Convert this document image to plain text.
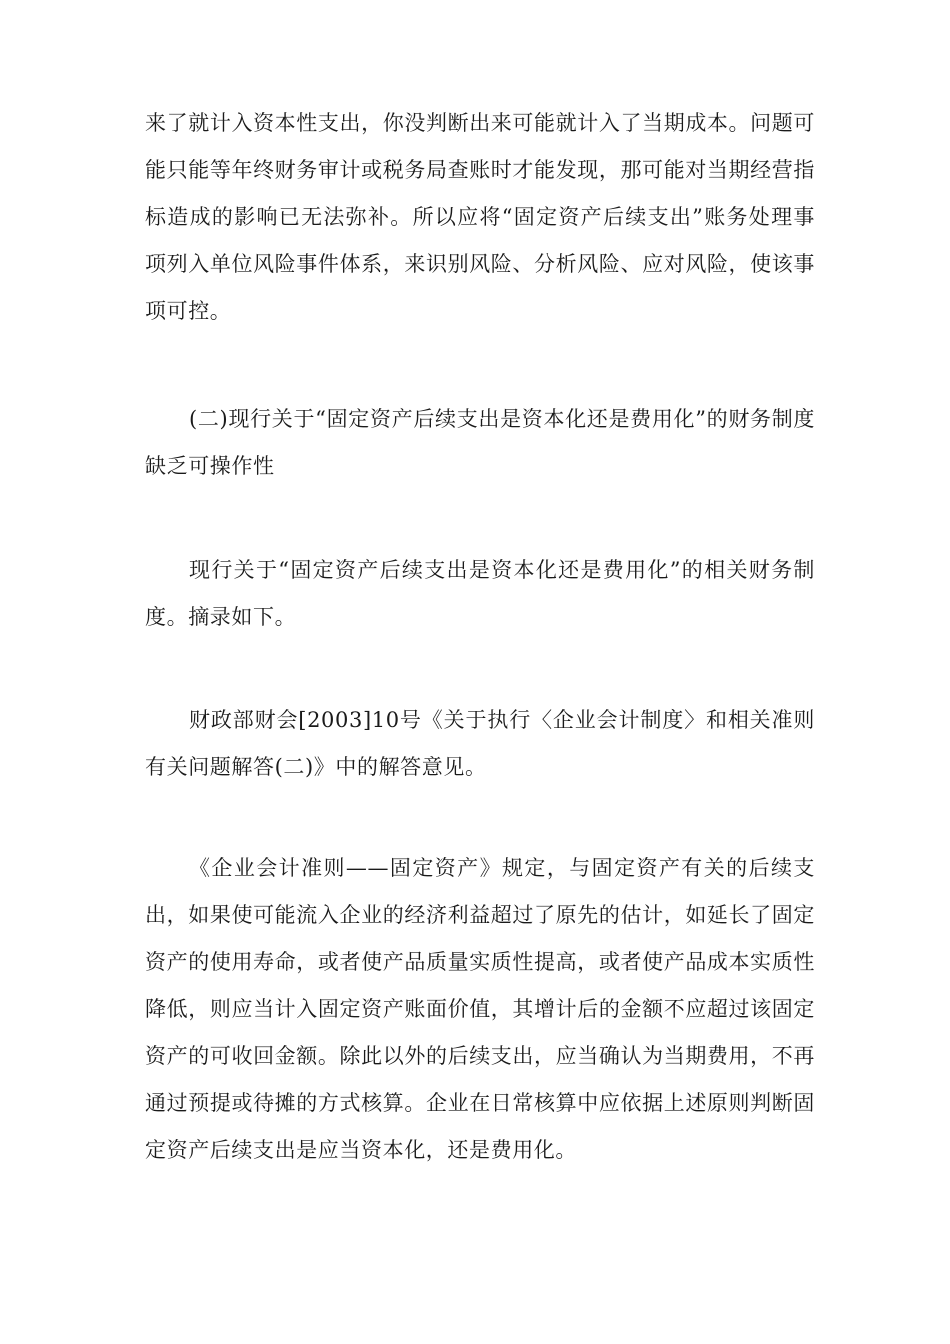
来了就计入资本性支出，你没判断出来可能就计入了当期成本。问题可能只能等年终财务审计或税务局查账时才能发现，那可能对当期经营指标造成的影响已无法弥补。所以应将“固定资产后续支出”账务处理事项列入单位风险事件体系，来识别风险、分析风险、应对风险，使该事项可控。

(二)现行关于“固定资产后续支出是资本化还是费用化”的财务制度缺乏可操作性

现行关于“固定资产后续支出是资本化还是费用化”的相关财务制度。摘录如下。

财政部财会[2003]10号《关于执行〈企业会计制度〉和相关准则有关问题解答(二)》中的解答意见。

《企业会计准则——固定资产》规定，与固定资产有关的后续支出，如果使可能流入企业的经济利益超过了原先的估计，如延长了固定资产的使用寿命，或者使产品质量实质性提高，或者使产品成本实质性降低，则应当计入固定资产账面价值，其增计后的金额不应超过该固定资产的可收回金额。除此以外的后续支出，应当确认为当期费用，不再通过预提或待摊的方式核算。企业在日常核算中应依据上述原则判断固定资产后续支出是应当资本化，还是费用化。
